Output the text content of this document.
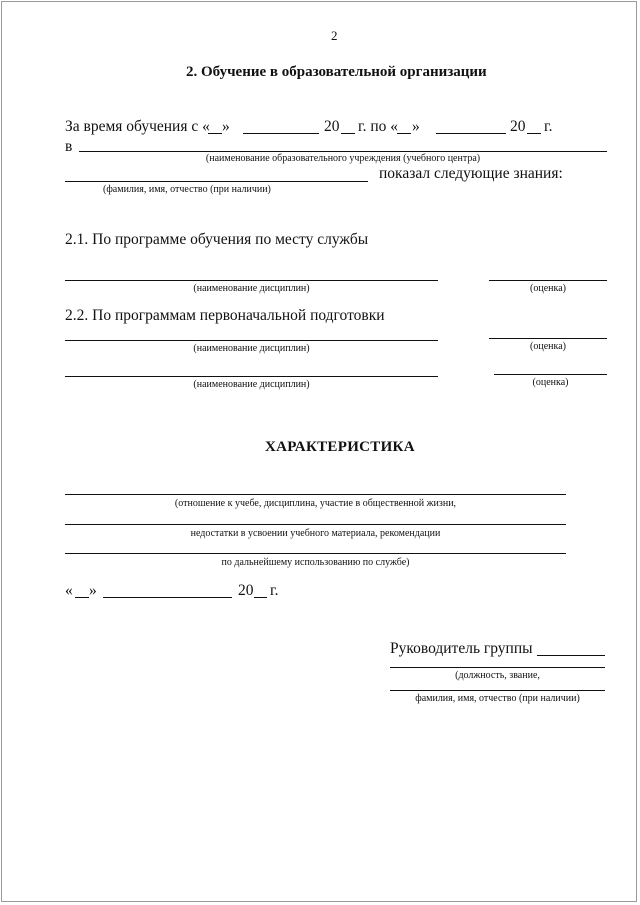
2
2. Обучение в образовательной организации
За время обучения с « »	20 г. по « »	20 г.
в
(наименование образовательного учреждения (учебного центра)
показал следующие знания:
(фамилия, имя, отчество (при наличии)
2.1. По программе обучения по месту службы
(наименование дисциплин)	(оценка)
2.2. По программам первоначальной подготовки
(наименование дисциплин)	(оценка)
(наименование дисциплин)	(оценка)
ХАРАКТЕРИСТИКА
(отношение к учебе, дисциплина, участие в общественной жизни,
недостатки в усвоении учебного материала, рекомендации
по дальнейшему использованию по службе)
« »	20 г.
Руководитель группы
(должность, звание,
фамилия, имя, отчество (при наличии)
